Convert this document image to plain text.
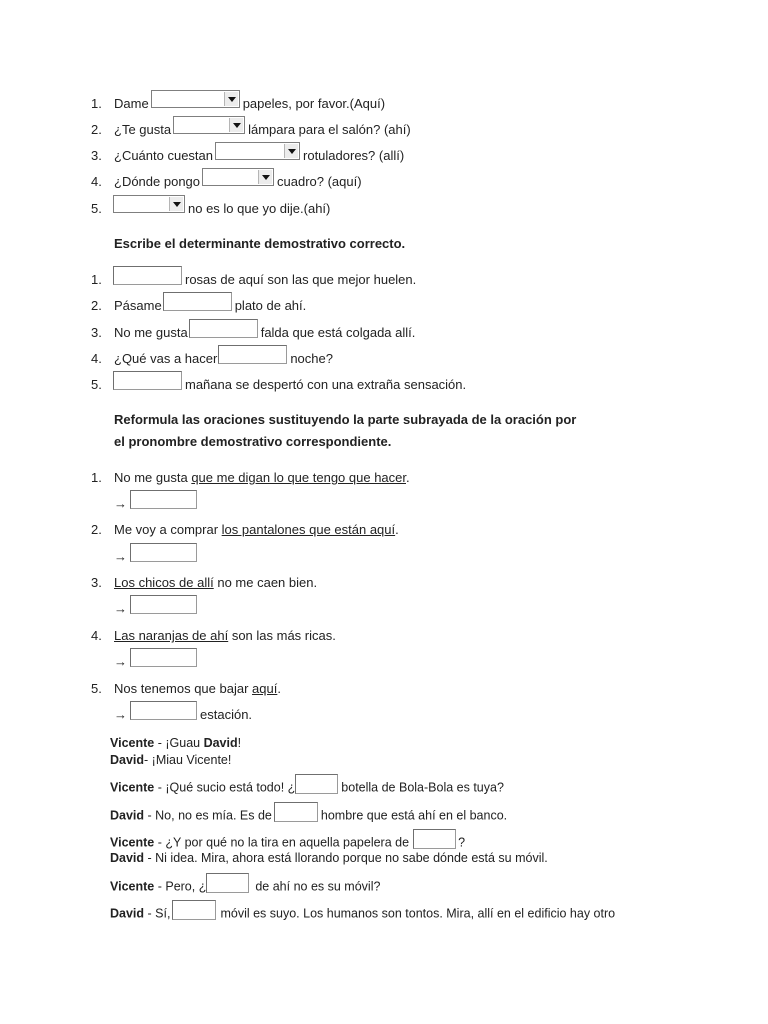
1. Dame	papeles, por favor.(Aquí)
2. ¿Te gusta	lámpara para el salón? (ahí)
3. ¿Cuánto cuestan	rotuladores? (allí)
4. ¿Dónde pongo	cuadro? (aquí)
5.	no es lo que yo dije.(ahí)
Escribe el determinante demostrativo correcto.
1.	rosas de aquí son las que mejor huelen.
2. Pásame	plato de ahí.
3. No me gusta	falda que está colgada allí.
4. ¿Qué vas a hacer	noche?
5.	mañana se despertó con una extraña sensación.
Reformula las oraciones sustituyendo la parte subrayada de la oración por
el pronombre demostrativo correspondiente.
1. No me gusta que me digan lo que tengo que hacer.
→
2. Me voy a comprar los pantalones que están aquí.
→
3. Los chicos de allí no me caen bien.
→
4. Las naranjas de ahí son las más ricas.
→
5. Nos tenemos que bajar aquí.
→	estación.
Vicente - ¡Guau David!
David- ¡Miau Vicente!
Vicente - ¡Qué sucio está todo! ¿	botella de Bola-Bola es tuya?
David - No, no es mía. Es de	hombre que está ahí en el banco.
Vicente - ¿Y por qué no la tira en aquella papelera de	?
David - Ni idea. Mira, ahora está llorando porque no sabe dónde está su móvil.
Vicente - Pero, ¿	de ahí no es su móvil?
David - Sí,	móvil es suyo. Los humanos son tontos. Mira, allí en el edificio hay otro
